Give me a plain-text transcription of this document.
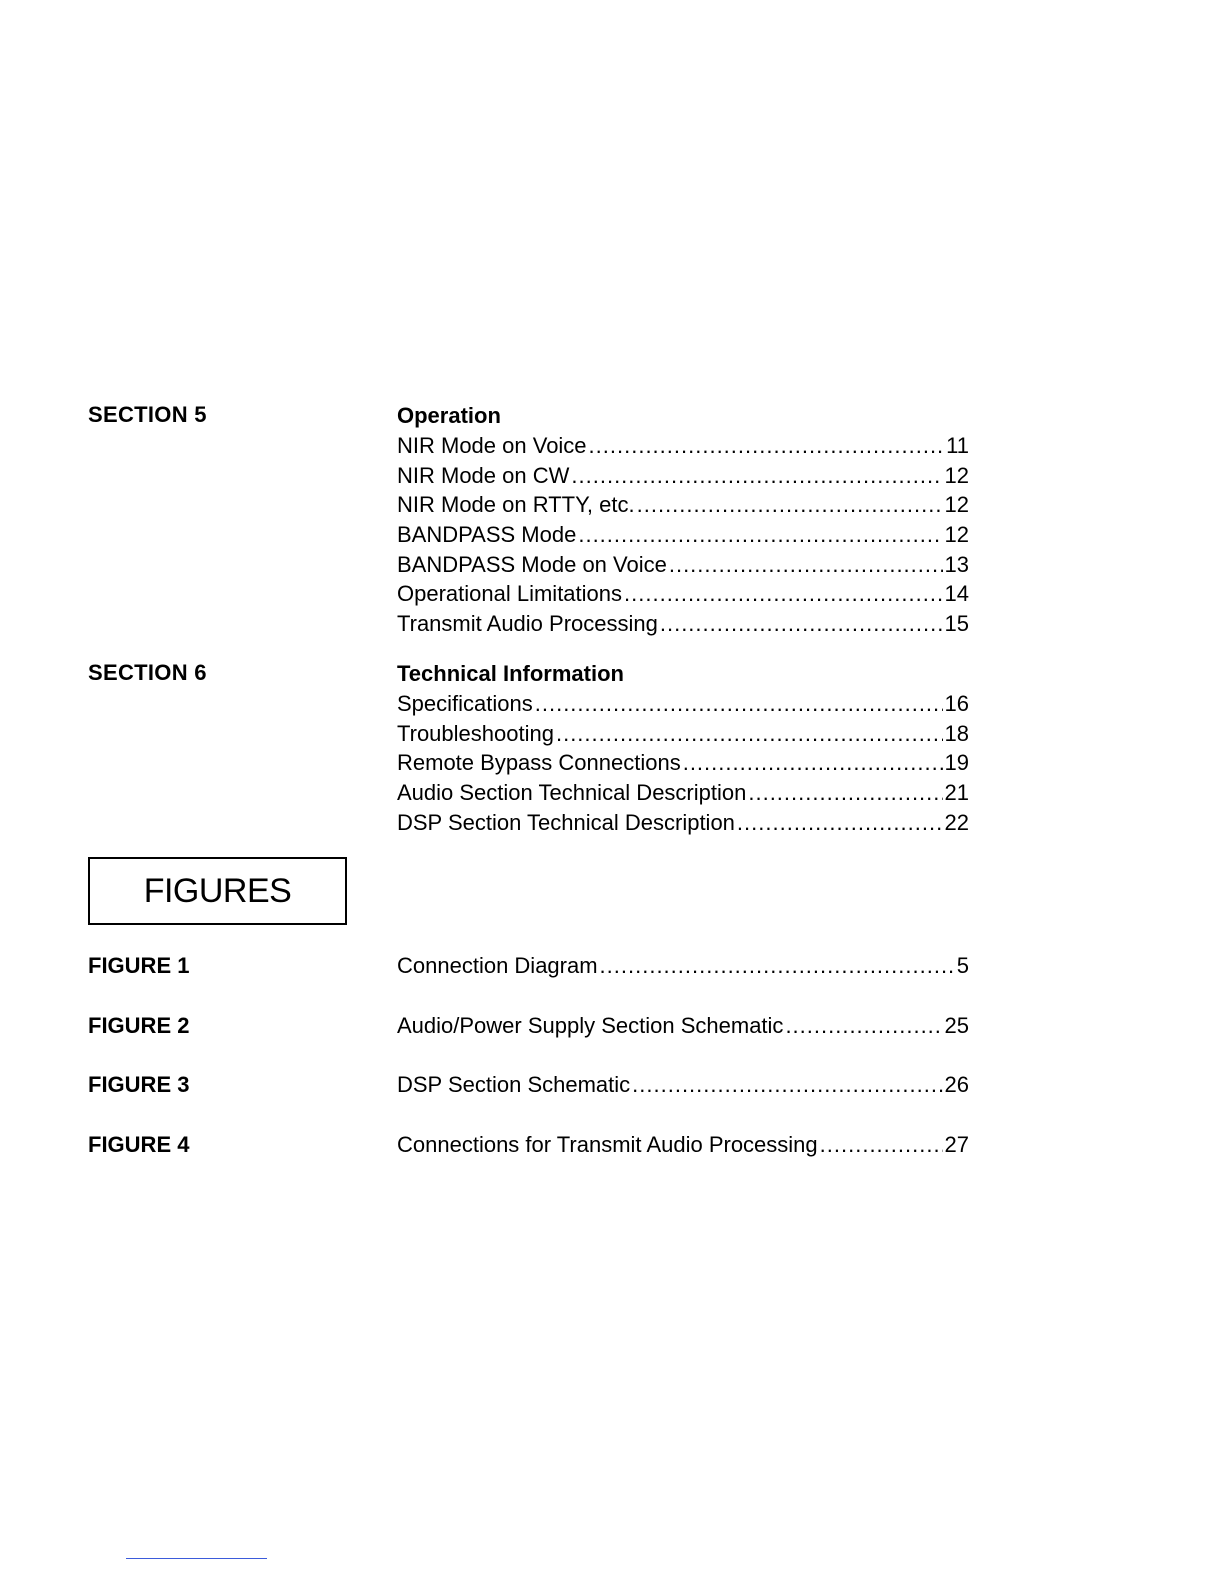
SECTION 5	Operation
NIR Mode on Voice .....	11
NIR Mode on CW .....	12
NIR Mode on RTTY, etc. .....	12
BANDPASS Mode .....	12
BANDPASS Mode on Voice .....	13
Operational Limitations .....	14
Transmit Audio Processing .....	15
SECTION 6	Technical Information
Specifications .....	16
Troubleshooting .....	18
Remote Bypass Connections .....	19
Audio Section Technical Description .....	21
DSP Section Technical Description .....	22
FIGURES
FIGURE 1	Connection Diagram .....	5
FIGURE 2	Audio/Power Supply Section Schematic .....	25
FIGURE 3	DSP Section Schematic .....	26
FIGURE 4	Connections for Transmit Audio Processing .....	27
